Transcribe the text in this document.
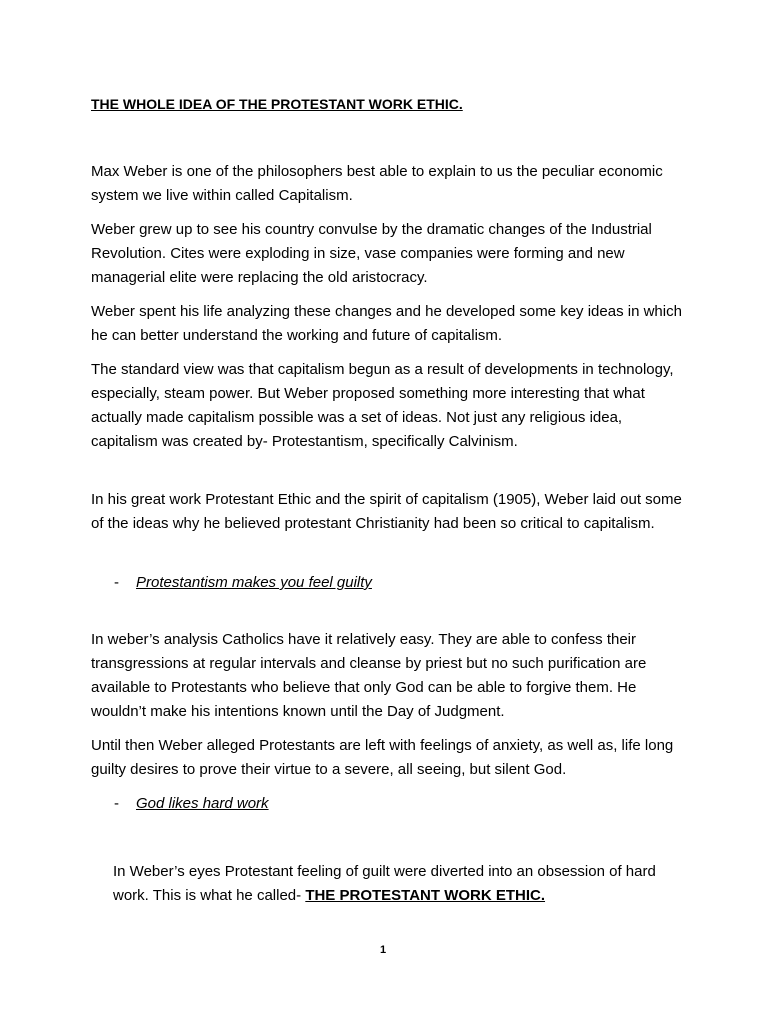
THE WHOLE IDEA OF THE PROTESTANT WORK ETHIC.

Max Weber is one of the philosophers best able to explain to us the peculiar economic system we live within called Capitalism.

Weber grew up to see his country convulse by the dramatic changes of the Industrial Revolution. Cites were exploding in size, vase companies were forming and new managerial elite were replacing the old aristocracy.

Weber spent his life analyzing these changes and he developed some key ideas in which he can better understand the working and future of capitalism.

The standard view was that capitalism begun as a result of developments in technology, especially, steam power. But Weber proposed something more interesting that what actually made capitalism possible was a set of ideas. Not just any religious idea, capitalism was created by- Protestantism, specifically Calvinism.

In his great work Protestant Ethic and the spirit of capitalism (1905), Weber laid out some of the ideas why he believed protestant Christianity had been so critical to capitalism.

- Protestantism makes you feel guilty

In weber’s analysis Catholics have it relatively easy. They are able to confess their transgressions at regular intervals and cleanse by priest but no such purification are available to Protestants who believe that only God can be able to forgive them. He wouldn’t make his intentions known until the Day of Judgment.

Until then Weber alleged Protestants are left with feelings of anxiety, as well as, life long guilty desires to prove their virtue to a severe, all seeing, but silent God.

- God likes hard work

In Weber’s eyes Protestant feeling of guilt were diverted into an obsession of hard work. This is what he called- THE PROTESTANT WORK ETHIC.

1
